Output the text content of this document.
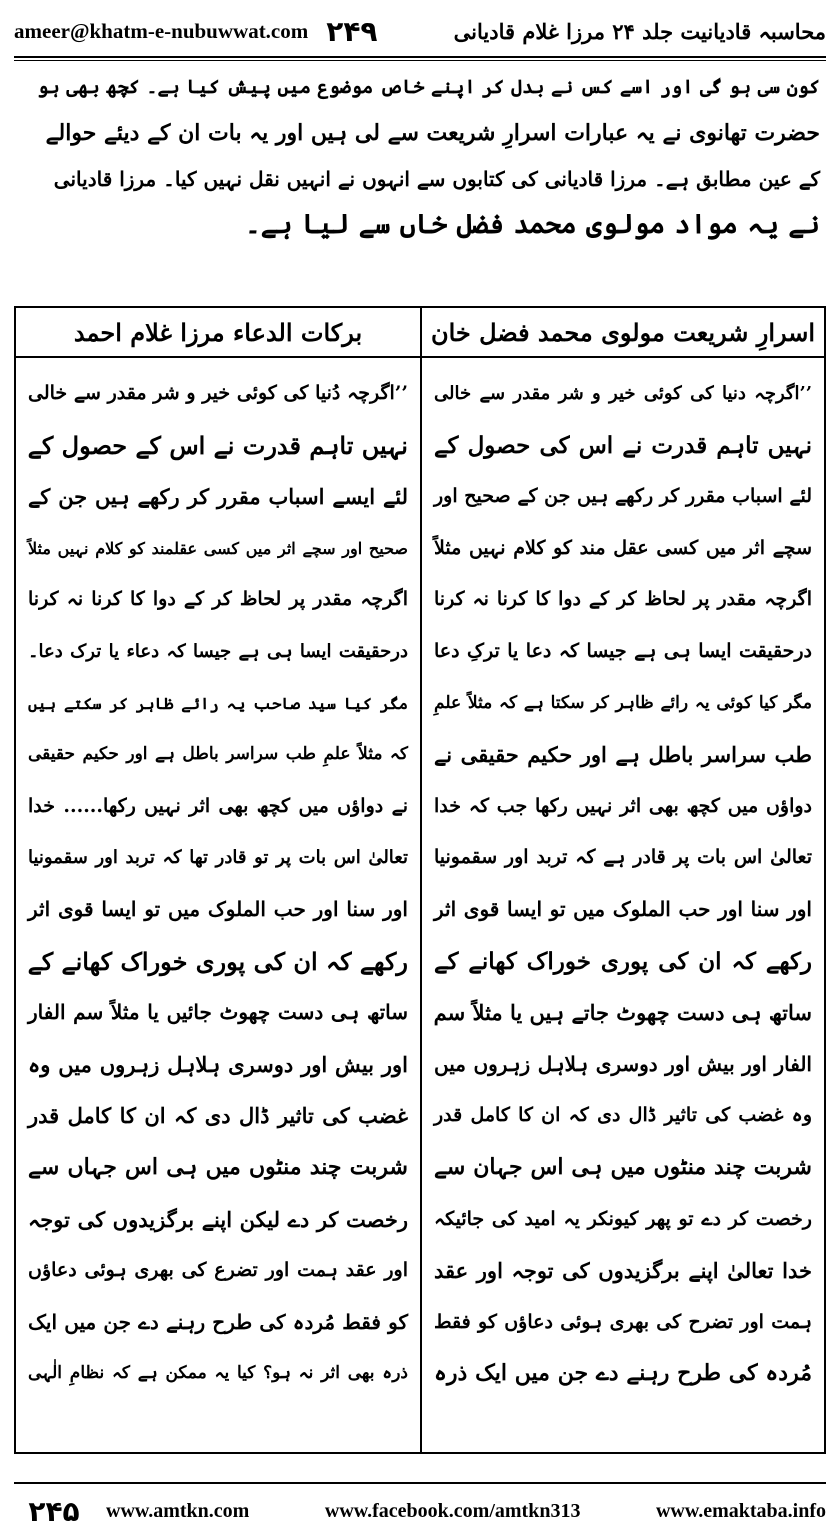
ameer@khatm-e-nubuwwat.com ۲۴۹	محاسبہ قادیانیت جلد ۲۴ مرزا غلام قادیانی

کون سی ہو گی اور اسے کس نے بدل کر اپنے خاص موضوع میں پیش کیا ہے۔ کچھ بھی ہو

حضرت تھانوی نے یہ عبارات اسرارِ شریعت سے لی ہیں اور یہ بات ان کے دیئے حوالے

کے عین مطابق ہے۔ مرزا قادیانی کی کتابوں سے انہوں نے انہیں نقل نہیں کیا۔ مرزا قادیانی

نے یہ مواد مولوی محمد فضل خاں سے لیا ہے۔

اسرارِ شریعت مولوی محمد فضل خان
’’اگرچہ دنیا کی کوئی خیر و شر مقدر سے خالی
نہیں تاہم قدرت نے اس کی حصول کے
لئے اسباب مقرر کر رکھے ہیں جن کے صحیح اور
سچے اثر میں کسی عقل مند کو کلام نہیں مثلاً
اگرچہ مقدر پر لحاظ کر کے دوا کا کرنا نہ کرنا
درحقیقت ایسا ہی ہے جیسا کہ دعا یا ترکِ دعا
مگر کیا کوئی یہ رائے ظاہر کر سکتا ہے کہ مثلاً علمِ
طب سراسر باطل ہے اور حکیم حقیقی نے
دواؤں میں کچھ بھی اثر نہیں رکھا جب کہ خدا
تعالیٰ اس بات پر قادر ہے کہ تربد اور سقمونیا
اور سنا اور حب الملوک میں تو ایسا قوی اثر
رکھے کہ ان کی پوری خوراک کھانے کے
ساتھ ہی دست چھوٹ جاتے ہیں یا مثلاً سم
الفار اور بیش اور دوسری ہلاہل زہروں میں
وہ غضب کی تاثیر ڈال دی کہ ان کا کامل قدر
شربت چند منٹوں میں ہی اس جہان سے
رخصت کر دے تو پھر کیونکر یہ امید کی جائیکہ
خدا تعالیٰ اپنے برگزیدوں کی توجہ اور عقد
ہمت اور تضرح کی بھری ہوئی دعاؤں کو فقط
مُردہ کی طرح رہنے دے جن میں ایک ذرہ
برکات الدعاء مرزا غلام احمد
’’اگرچہ دُنیا کی کوئی خیر و شر مقدر سے خالی
نہیں تاہم قدرت نے اس کے حصول کے
لئے ایسے اسباب مقرر کر رکھے ہیں جن کے
صحیح اور سچے اثر میں کسی عقلمند کو کلام نہیں مثلاً
اگرچہ مقدر پر لحاظ کر کے دوا کا کرنا نہ کرنا
درحقیقت ایسا ہی ہے جیسا کہ دعاء یا ترک دعا۔
مگر کیا سید صاحب یہ رائے ظاہر کر سکتے ہیں
کہ مثلاً علمِ طب سراسر باطل ہے اور حکیم حقیقی
نے دواؤں میں کچھ بھی اثر نہیں رکھا...... خدا
تعالیٰ اس بات پر تو قادر تھا کہ تربد اور سقمونیا
اور سنا اور حب الملوک میں تو ایسا قوی اثر
رکھے کہ ان کی پوری خوراک کھانے کے
ساتھ ہی دست چھوٹ جائیں یا مثلاً سم الفار
اور بیش اور دوسری ہلاہل زہروں میں وہ
غضب کی تاثیر ڈال دی کہ ان کا کامل قدر
شربت چند منٹوں میں ہی اس جہاں سے
رخصت کر دے لیکن اپنے برگزیدوں کی توجہ
اور عقد ہمت اور تضرع کی بھری ہوئی دعاؤں
کو فقط مُردہ کی طرح رہنے دے جن میں ایک
ذرہ بھی اثر نہ ہو؟ کیا یہ ممکن ہے کہ نظامِ الٰہی
۲۴۵	www.amtkn.com	www.facebook.com/amtkn313	www.emaktaba.info
